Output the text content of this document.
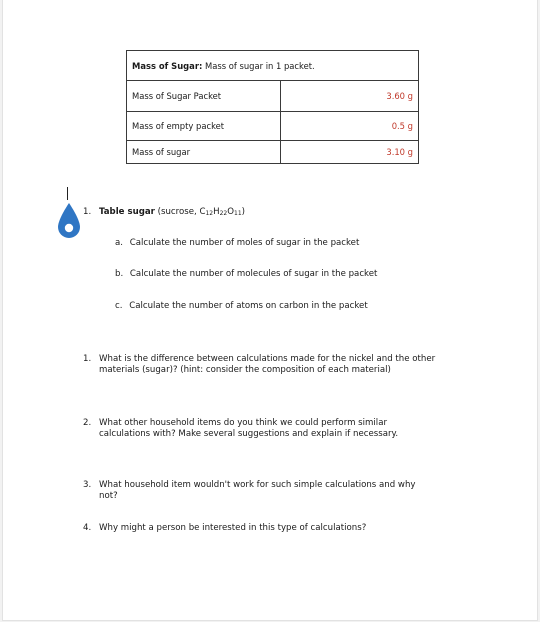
Mass of Sugar: Mass of sugar in 1 packet.	
Mass of Sugar Packet	3.60 g
Mass of empty packet	0.5 g
Mass of sugar	3.10 g
1. Table sugar (sucrose, $C_{12}H_{22}O_{11}$)
a. Calculate the number of moles of sugar in the packet
b. Calculate the number of molecules of sugar in the packet
c. Calculate the number of atoms on carbon in the packet
1. What is the difference between calculations made for the nickel and the other
materials (sugar)? (hint: consider the composition of each material)
2. What other household items do you think we could perform similar
calculations with? Make several suggestions and explain if necessary.
3. What household item wouldn't work for such simple calculations and why
not?
4. Why might a person be interested in this type of calculations?
